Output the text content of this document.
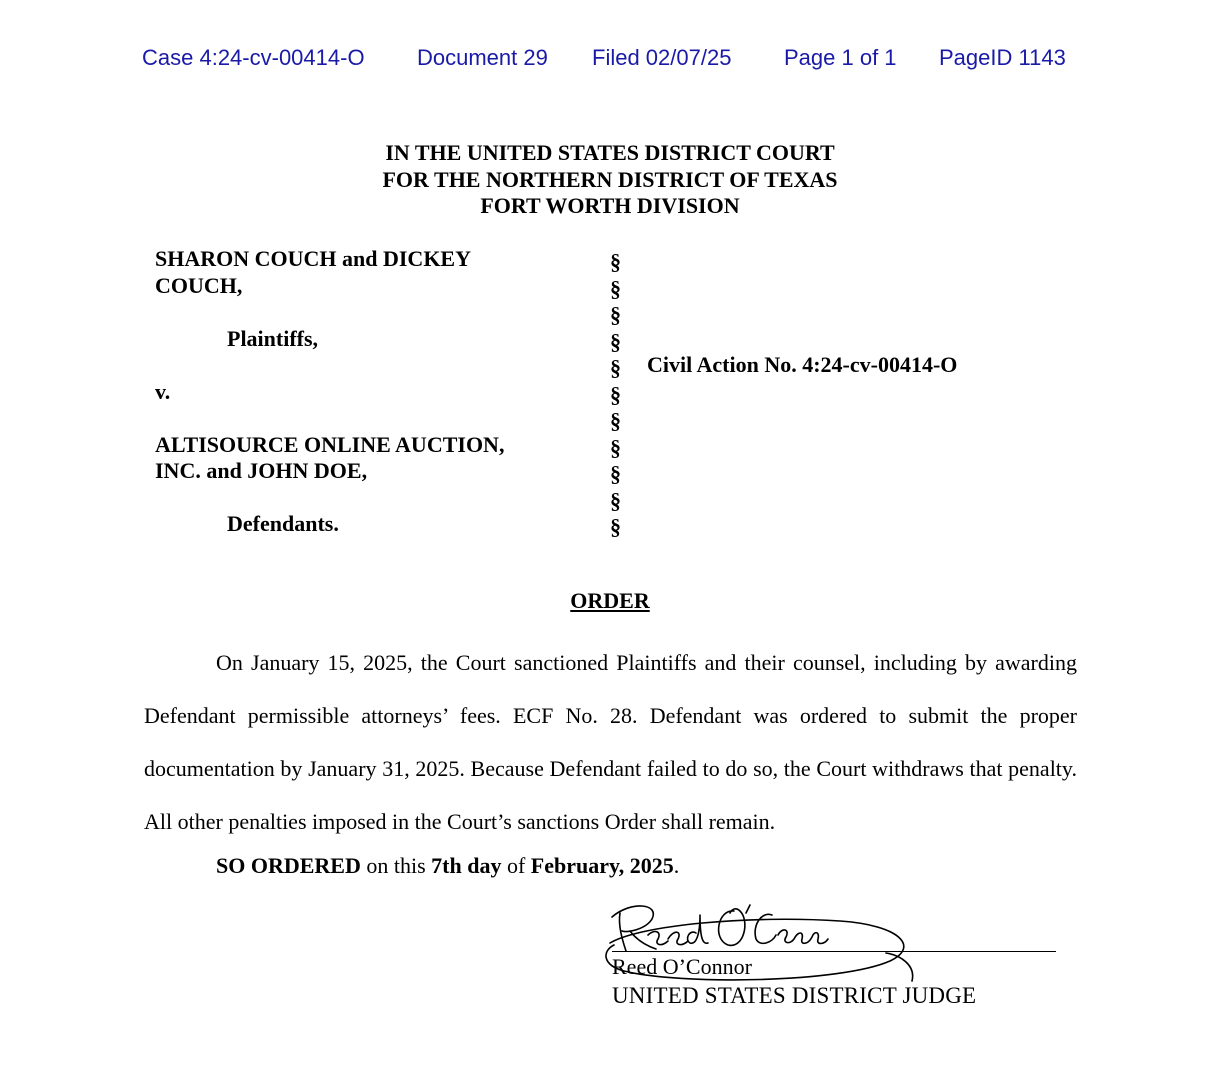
Case 4:24-cv-00414-O Document 29 Filed 02/07/25 Page 1 of 1 PageID 1143
IN THE UNITED STATES DISTRICT COURT
FOR THE NORTHERN DISTRICT OF TEXAS
FORT WORTH DIVISION
SHARON COUCH and DICKEY
COUCH,
Plaintiffs,
v.
ALTISOURCE ONLINE AUCTION,
INC. and JOHN DOE,
Defendants.
§
§
§
§
§
§
§
§
§
§
§
Civil Action No. 4:24-cv-00414-O
ORDER
On January 15, 2025, the Court sanctioned Plaintiffs and their counsel, including by awarding Defendant permissible attorneys’ fees. ECF No. 28. Defendant was ordered to submit the proper documentation by January 31, 2025. Because Defendant failed to do so, the Court withdraws that penalty. All other penalties imposed in the Court’s sanctions Order shall remain.
SO ORDERED on this 7th day of February, 2025.
Reed O’Connor
UNITED STATES DISTRICT JUDGE
